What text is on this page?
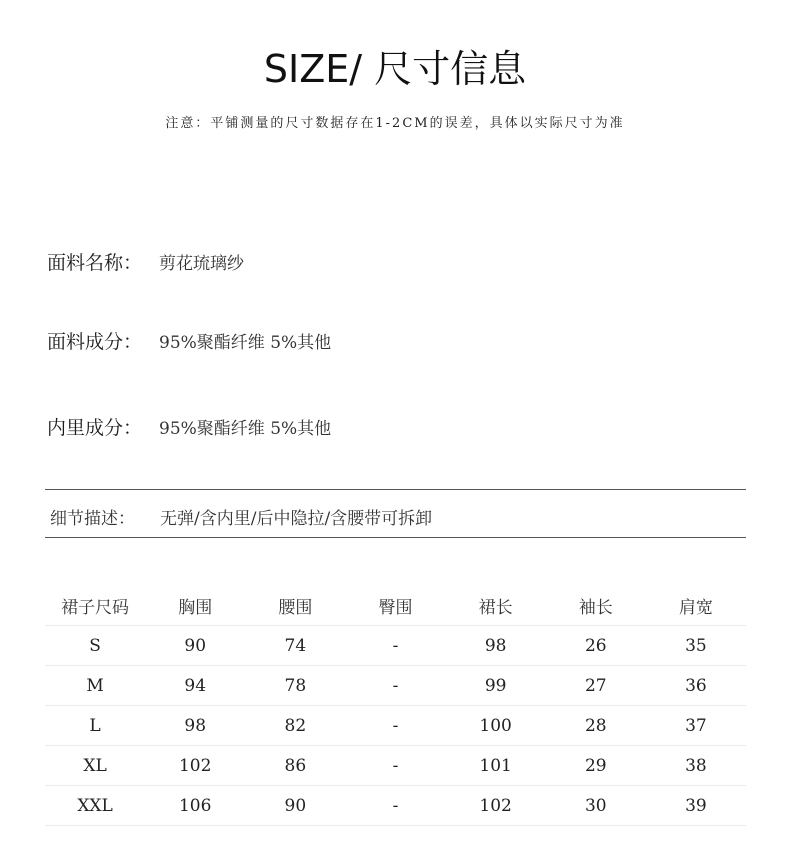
SIZE/ 尺寸信息
注意：平铺测量的尺寸数据存在1-2CM的误差，具体以实际尺寸为准
面料名称： 剪花琉璃纱
面料成分： 95%聚酯纤维 5%其他
内里成分： 95%聚酯纤维 5%其他
细节描述： 无弹/含内里/后中隐拉/含腰带可拆卸
裙子尺码	胸围	腰围	臀围	裙长	袖长	肩宽
S	90	74	-	98	26	35
M	94	78	-	99	27	36
L	98	82	-	100	28	37
XL	102	86	-	101	29	38
XXL	106	90	-	102	30	39
